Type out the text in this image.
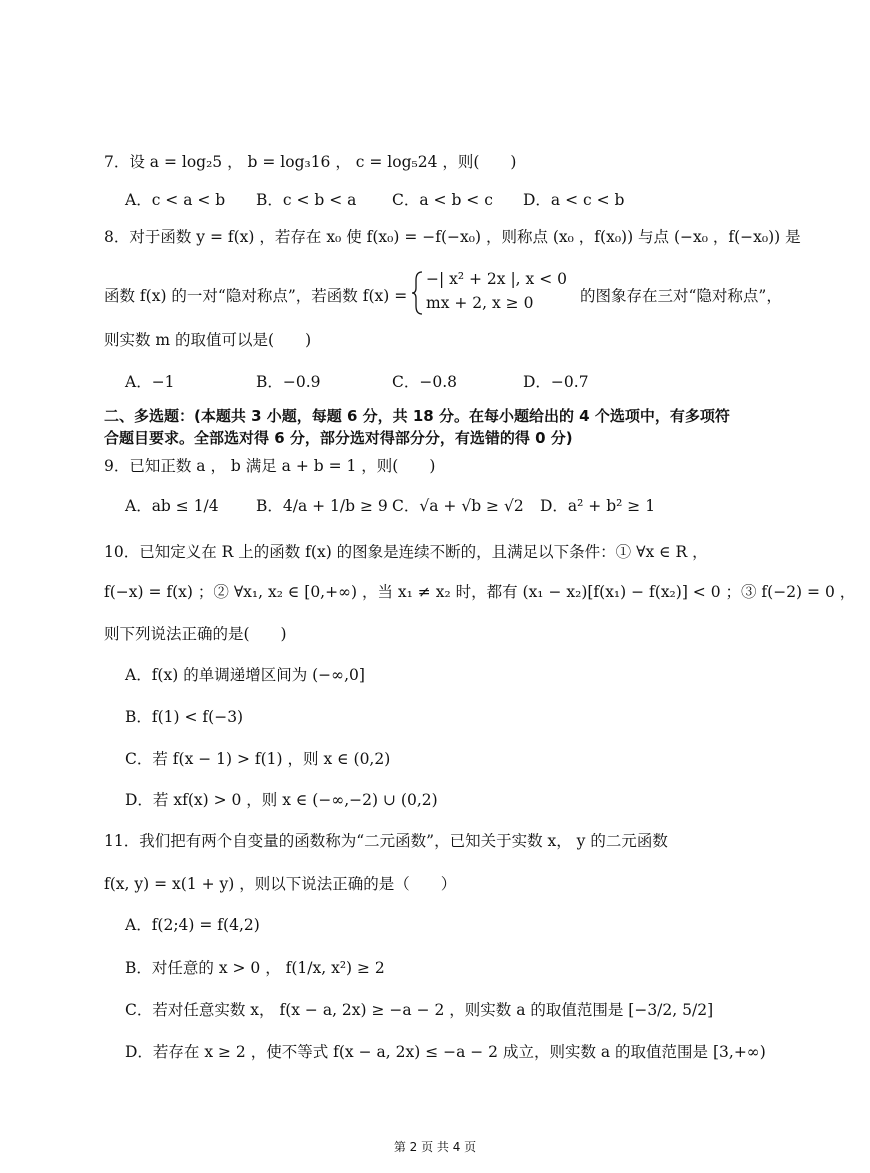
7．设 a = log₂5 ， b = log₃16 ， c = log₅24 ，则(　　)
A．c < a < b B．c < b < a C．a < b < c D．a < c < b
8．对于函数 y = f(x) ，若存在 x₀ 使 f(x₀) = −f(−x₀) ，则称点 (x₀ ，f(x₀)) 与点 (−x₀ ，f(−x₀)) 是
函数 f(x) 的一对“隐对称点”，若函数 f(x) =
−| x² + 2x |, x < 0
mx + 2, x ≥ 0	的图象存在三对“隐对称点”，
则实数 m 的取值可以是(　　)
A．−1	B．−0.9	C．−0.8	D．−0.7
二、多选题：(本题共 3 小题，每题 6 分，共 18 分。在每小题给出的 4 个选项中，有多项符
合题目要求。全部选对得 6 分，部分选对得部分分，有选错的得 0 分)
9．已知正数 a ， b 满足 a + b = 1 ，则(　　)
A．ab ≤ 1/4 B．4/a + 1/b ≥ 9 C．√a + √b ≥ √2 D．a² + b² ≥ 1
10．已知定义在 R 上的函数 f(x) 的图象是连续不断的，且满足以下条件：① ∀x ∈ R ，
f(−x) = f(x) ；② ∀x₁, x₂ ∈ [0,+∞) ，当 x₁ ≠ x₂ 时，都有 (x₁ − x₂)[f(x₁) − f(x₂)] < 0 ；③ f(−2) = 0 ，
则下列说法正确的是(　　)
A．f(x) 的单调递增区间为 (−∞,0]
B．f(1) < f(−3)
C．若 f(x − 1) > f(1) ，则 x ∈ (0,2)
D．若 xf(x) > 0 ，则 x ∈ (−∞,−2) ∪ (0,2)
11．我们把有两个自变量的函数称为“二元函数”，已知关于实数 x， y 的二元函数
f(x, y) = x(1 + y) ，则以下说法正确的是（　　）
A．f(2;4) = f(4,2)
B．对任意的 x > 0 ， f(1/x, x²) ≥ 2
C．若对任意实数 x， f(x − a, 2x) ≥ −a − 2 ，则实数 a 的取值范围是 [−3/2, 5/2]
D．若存在 x ≥ 2 ，使不等式 f(x − a, 2x) ≤ −a − 2 成立，则实数 a 的取值范围是 [3,+∞)
第 2 页 共 4 页
